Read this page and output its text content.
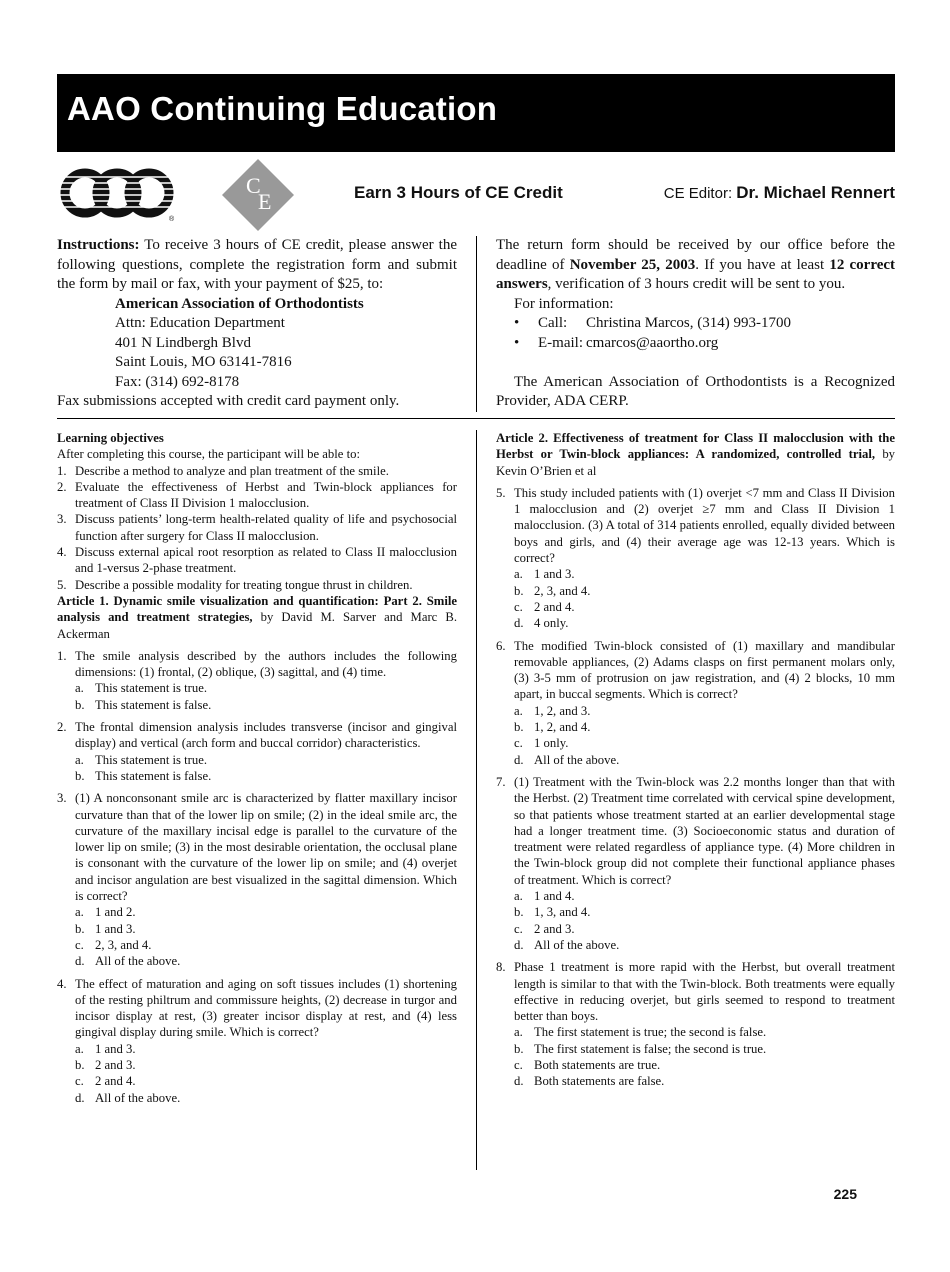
AAO Continuing Education
®
C
E	Earn 3 Hours of CE Credit	CE Editor: Dr. Michael Rennert
Instructions: To receive 3 hours of CE credit, please answer the following questions, complete the registration form and submit the form by mail or fax, with your payment of $25, to:
American Association of Orthodontists
Attn: Education Department
401 N Lindbergh Blvd
Saint Louis, MO 63141-7816
Fax: (314) 692-8178
Fax submissions accepted with credit card payment only.
The return form should be received by our office before the deadline of November 25, 2003. If you have at least 12 correct answers, verification of 3 hours credit will be sent to you.
For information:
•	Call:	Christina Marcos, (314) 993-1700
•	E-mail: cmarcos@aaortho.org
The American Association of Orthodontists is a Recognized Provider, ADA CERP.
Learning objectives
After completing this course, the participant will be able to:
1. Describe a method to analyze and plan treatment of the smile.
2. Evaluate the effectiveness of Herbst and Twin-block appliances for treatment of Class II Division 1 malocclusion.
3. Discuss patients’ long-term health-related quality of life and psychosocial function after surgery for Class II malocclusion.
4. Discuss external apical root resorption as related to Class II malocclusion and 1-versus 2-phase treatment.
5. Describe a possible modality for treating tongue thrust in children.
Article 1. Dynamic smile visualization and quantification: Part 2. Smile analysis and treatment strategies, by David M. Sarver and Marc B. Ackerman
1. The smile analysis described by the authors includes the following dimensions: (1) frontal, (2) oblique, (3) sagittal, and (4) time.
a. This statement is true.
b. This statement is false.
2. The frontal dimension analysis includes transverse (incisor and gingival display) and vertical (arch form and buccal corridor) characteristics.
a. This statement is true.
b. This statement is false.
3. (1) A nonconsonant smile arc is characterized by flatter maxillary incisor curvature than that of the lower lip on smile; (2) in the ideal smile arc, the curvature of the maxillary incisal edge is parallel to the curvature of the lower lip on smile; (3) in the most desirable orientation, the occlusal plane is consonant with the curvature of the lower lip on smile; and (4) overjet and incisor angulation are best visualized in the sagittal dimension. Which is correct?
a. 1 and 2.
b. 1 and 3.
c. 2, 3, and 4.
d. All of the above.
4. The effect of maturation and aging on soft tissues includes (1) shortening of the resting philtrum and commissure heights, (2) decrease in turgor and incisor display at rest, (3) greater incisor display at rest, and (4) less gingival display during smile. Which is correct?
a. 1 and 3.
b. 2 and 3.
c. 2 and 4.
d. All of the above.
Article 2. Effectiveness of treatment for Class II malocclusion with the Herbst or Twin-block appliances: A randomized, controlled trial, by Kevin O’Brien et al
5. This study included patients with (1) overjet <7 mm and Class II Division 1 malocclusion and (2) overjet ≥7 mm and Class II Division 1 malocclusion. (3) A total of 314 patients enrolled, equally divided between boys and girls, and (4) their average age was 12-13 years. Which is correct?
a. 1 and 3.
b. 2, 3, and 4.
c. 2 and 4.
d. 4 only.
6. The modified Twin-block consisted of (1) maxillary and mandibular removable appliances, (2) Adams clasps on first permanent molars only, (3) 3-5 mm of protrusion on jaw registration, and (4) 2 blocks, 10 mm apart, in buccal segments. Which is correct?
a. 1, 2, and 3.
b. 1, 2, and 4.
c. 1 only.
d. All of the above.
7. (1) Treatment with the Twin-block was 2.2 months longer than that with the Herbst. (2) Treatment time correlated with cervical spine development, so that patients whose treatment started at an earlier developmental stage had a longer treatment time. (3) Socioeconomic status and duration of treatment were related regardless of appliance type. (4) More children in the Twin-block group did not complete their functional appliance phases of treatment. Which is correct?
a. 1 and 4.
b. 1, 3, and 4.
c. 2 and 3.
d. All of the above.
8. Phase 1 treatment is more rapid with the Herbst, but overall treatment length is similar to that with the Twin-block. Both treatments were equally effective in reducing overjet, but girls seemed to respond to treatment better than boys.
a. The first statement is true; the second is false.
b. The first statement is false; the second is true.
c. Both statements are true.
d. Both statements are false.
225
